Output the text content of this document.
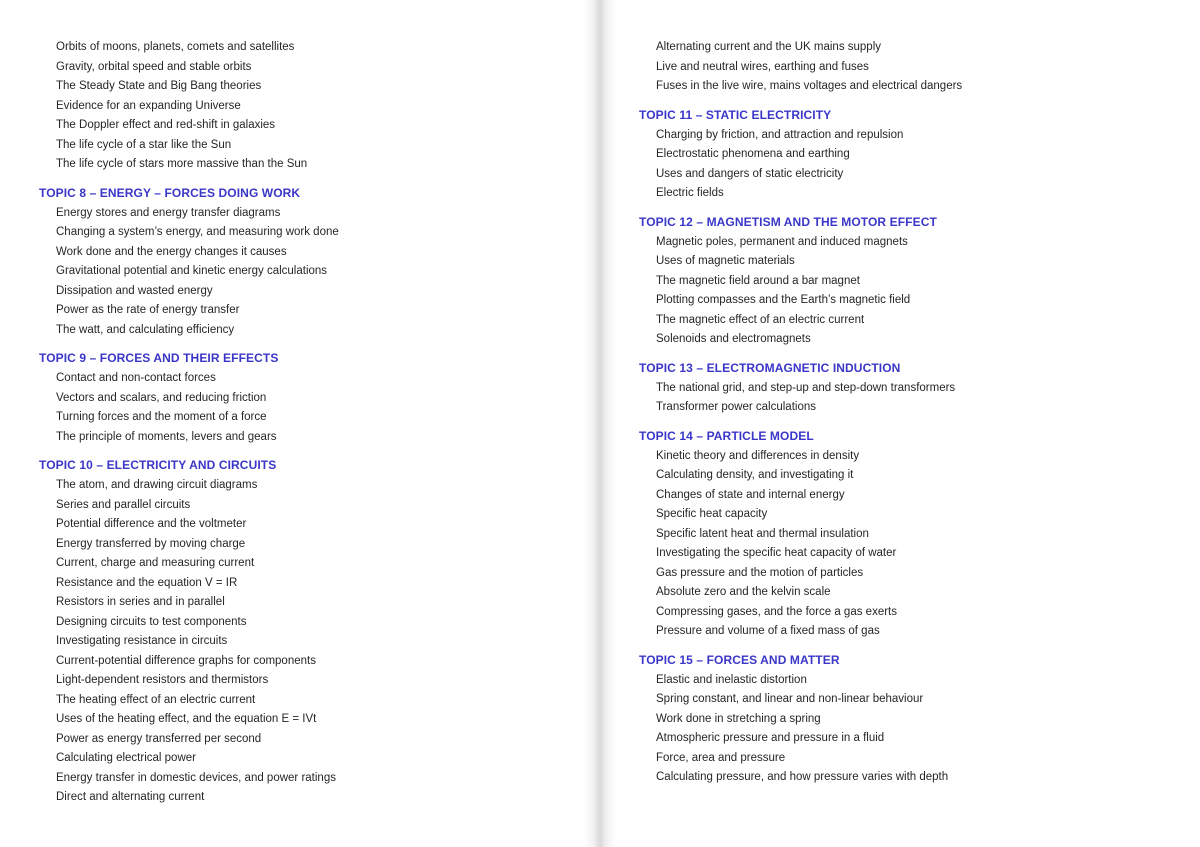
Orbits of moons, planets, comets and satellites
Gravity, orbital speed and stable orbits
The Steady State and Big Bang theories
Evidence for an expanding Universe
The Doppler effect and red-shift in galaxies
The life cycle of a star like the Sun
The life cycle of stars more massive than the Sun
TOPIC 8 – ENERGY – FORCES DOING WORK
Energy stores and energy transfer diagrams
Changing a system’s energy, and measuring work done
Work done and the energy changes it causes
Gravitational potential and kinetic energy calculations
Dissipation and wasted energy
Power as the rate of energy transfer
The watt, and calculating efficiency
TOPIC 9 – FORCES AND THEIR EFFECTS
Contact and non-contact forces
Vectors and scalars, and reducing friction
Turning forces and the moment of a force
The principle of moments, levers and gears
TOPIC 10 – ELECTRICITY AND CIRCUITS
The atom, and drawing circuit diagrams
Series and parallel circuits
Potential difference and the voltmeter
Energy transferred by moving charge
Current, charge and measuring current
Resistance and the equation V = IR
Resistors in series and in parallel
Designing circuits to test components
Investigating resistance in circuits
Current-potential difference graphs for components
Light-dependent resistors and thermistors
The heating effect of an electric current
Uses of the heating effect, and the equation E = IVt
Power as energy transferred per second
Calculating electrical power
Energy transfer in domestic devices, and power ratings
Direct and alternating current
Alternating current and the UK mains supply
Live and neutral wires, earthing and fuses
Fuses in the live wire, mains voltages and electrical dangers
TOPIC 11 – STATIC ELECTRICITY
Charging by friction, and attraction and repulsion
Electrostatic phenomena and earthing
Uses and dangers of static electricity
Electric fields
TOPIC 12 – MAGNETISM AND THE MOTOR EFFECT
Magnetic poles, permanent and induced magnets
Uses of magnetic materials
The magnetic field around a bar magnet
Plotting compasses and the Earth’s magnetic field
The magnetic effect of an electric current
Solenoids and electromagnets
TOPIC 13 – ELECTROMAGNETIC INDUCTION
The national grid, and step-up and step-down transformers
Transformer power calculations
TOPIC 14 – PARTICLE MODEL
Kinetic theory and differences in density
Calculating density, and investigating it
Changes of state and internal energy
Specific heat capacity
Specific latent heat and thermal insulation
Investigating the specific heat capacity of water
Gas pressure and the motion of particles
Absolute zero and the kelvin scale
Compressing gases, and the force a gas exerts
Pressure and volume of a fixed mass of gas
TOPIC 15 – FORCES AND MATTER
Elastic and inelastic distortion
Spring constant, and linear and non-linear behaviour
Work done in stretching a spring
Atmospheric pressure and pressure in a fluid
Force, area and pressure
Calculating pressure, and how pressure varies with depth
